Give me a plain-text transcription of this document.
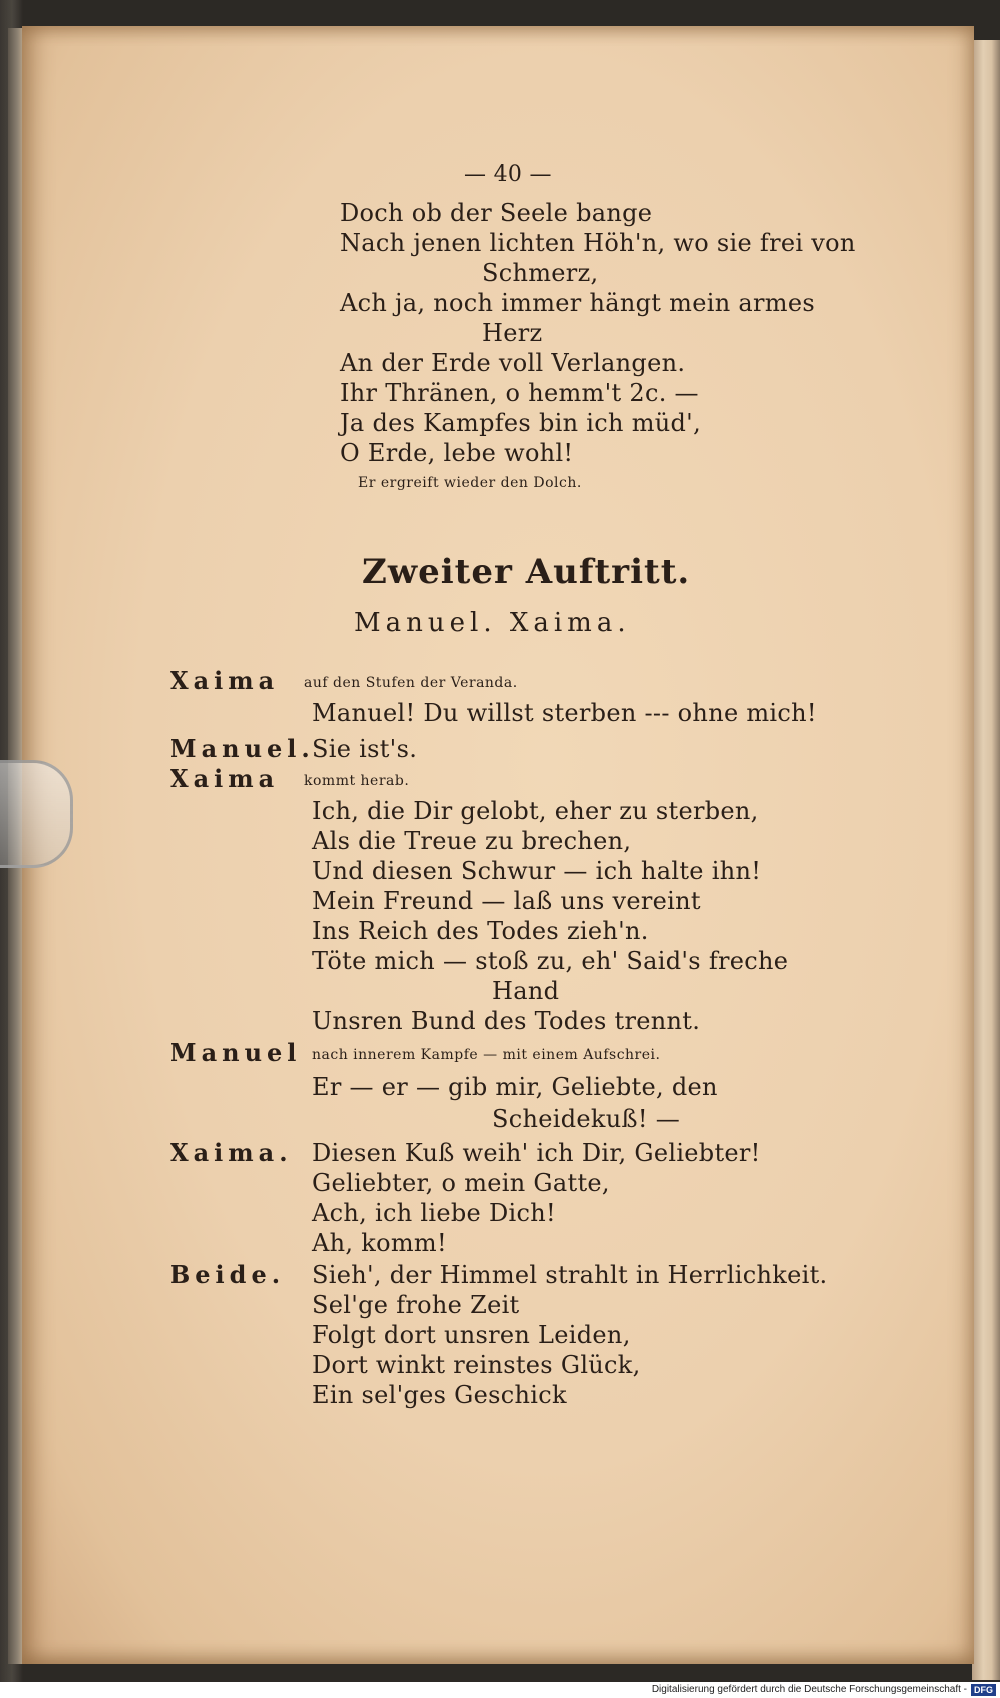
— 40 —
Doch ob der Seele bange
Nach jenen lichten Höh'n, wo sie frei von
Schmerz,
Ach ja, noch immer hängt mein armes
Herz
An der Erde voll Verlangen.
Ihr Thränen, o hemm't 2c. —
Ja des Kampfes bin ich müd',
O Erde, lebe wohl!
Er ergreift wieder den Dolch.
Zweiter Auftritt.
Manuel. Xaima.
Xaima auf den Stufen der Veranda.
Manuel! Du willst sterben --- ohne mich!
Manuel.
Sie ist's.
Xaima kommt herab.
Ich, die Dir gelobt, eher zu sterben,
Als die Treue zu brechen,
Und diesen Schwur — ich halte ihn!
Mein Freund — laß uns vereint
Ins Reich des Todes zieh'n.
Töte mich — stoß zu, eh' Said's freche
Hand
Unsren Bund des Todes trennt.
Manuel nach innerem Kampfe — mit einem Aufschrei.
Er — er — gib mir, Geliebte, den
Scheidekuß! —
Xaima. Diesen Kuß weih' ich Dir, Geliebter!
Geliebter, o mein Gatte,
Ach, ich liebe Dich!
Ah, komm!
Beide. Sieh', der Himmel strahlt in Herrlichkeit.
Sel'ge frohe Zeit
Folgt dort unsren Leiden,
Dort winkt reinstes Glück,
Ein sel'ges Geschick
Digitalisierung gefördert durch die Deutsche Forschungsgemeinschaft - DFG
